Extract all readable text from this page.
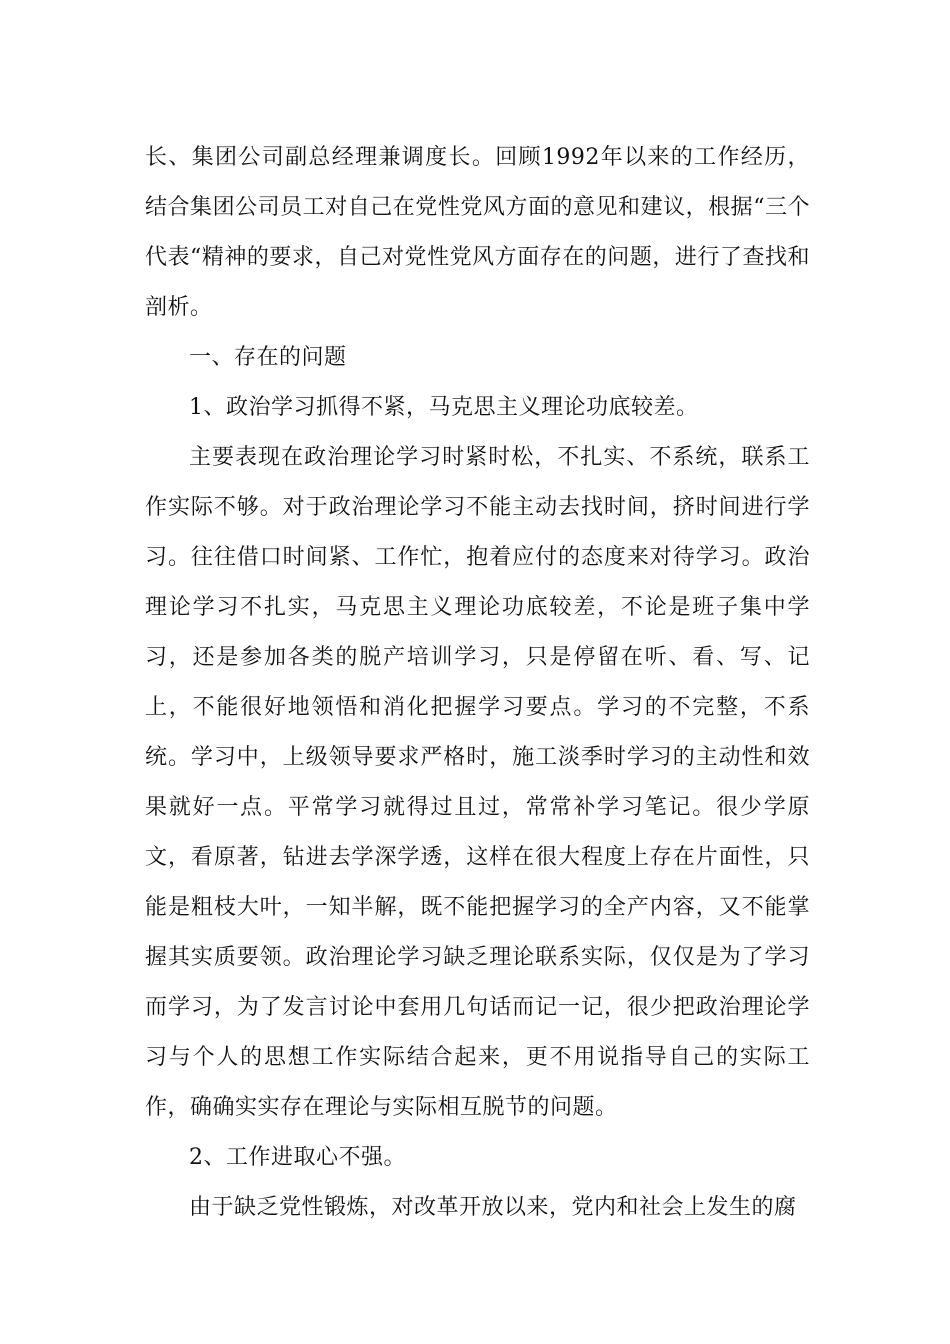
长、集团公司副总经理兼调度长。回顾1992年以来的工作经历，结合集团公司员工对自己在党性党风方面的意见和建议，根据“三个代表“精神的要求，自己对党性党风方面存在的问题，进行了查找和剖析。

一、存在的问题

1、政治学习抓得不紧，马克思主义理论功底较差。

主要表现在政治理论学习时紧时松，不扎实、不系统，联系工作实际不够。对于政治理论学习不能主动去找时间，挤时间进行学习。往往借口时间紧、工作忙，抱着应付的态度来对待学习。政治理论学习不扎实，马克思主义理论功底较差，不论是班子集中学习，还是参加各类的脱产培训学习，只是停留在听、看、写、记上，不能很好地领悟和消化把握学习要点。学习的不完整，不系统。学习中，上级领导要求严格时，施工淡季时学习的主动性和效果就好一点。平常学习就得过且过，常常补学习笔记。很少学原文，看原著，钻进去学深学透，这样在很大程度上存在片面性，只能是粗枝大叶，一知半解，既不能把握学习的全产内容，又不能掌握其实质要领。政治理论学习缺乏理论联系实际，仅仅是为了学习而学习，为了发言讨论中套用几句话而记一记，很少把政治理论学习与个人的思想工作实际结合起来，更不用说指导自己的实际工作，确确实实存在理论与实际相互脱节的问题。

2、工作进取心不强。

由于缺乏党性锻炼，对改革开放以来，党内和社会上发生的腐
